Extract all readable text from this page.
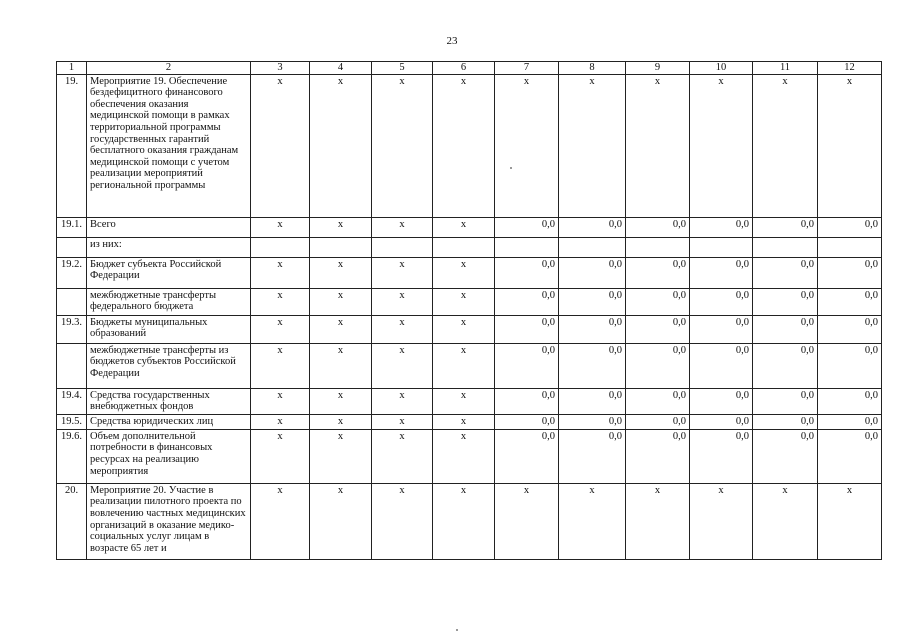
23
1	2	3	4	5	6	7	8	9	10	11	12
19.	Мероприятие 19. Обеспечение бездефицитного финансового обеспечения оказания медицинской помощи в рамках территориальной программы государственных гарантий бесплатного оказания гражданам медицинской помощи с учетом реализации мероприятий региональной программы	x	x	x	x	x	x	x	x	x	x
19.1.	Всего	x	x	x	x	0,0	0,0	0,0	0,0	0,0	0,0
	из них:										
19.2.	Бюджет субъекта Российской Федерации	x	x	x	x	0,0	0,0	0,0	0,0	0,0	0,0
	межбюджетные трансферты федерального бюджета	x	x	x	x	0,0	0,0	0,0	0,0	0,0	0,0
19.3.	Бюджеты муниципальных образований	x	x	x	x	0,0	0,0	0,0	0,0	0,0	0,0
	межбюджетные трансферты из бюджетов субъектов Российской Федерации	x	x	x	x	0,0	0,0	0,0	0,0	0,0	0,0
19.4.	Средства государственных внебюджетных фондов	x	x	x	x	0,0	0,0	0,0	0,0	0,0	0,0
19.5.	Средства юридических лиц	x	x	x	x	0,0	0,0	0,0	0,0	0,0	0,0
19.6.	Объем дополнительной потребности в финансовых ресурсах на реализацию мероприятия	x	x	x	x	0,0	0,0	0,0	0,0	0,0	0,0
20.	Мероприятие 20. Участие в реализации пилотного проекта по вовлечению частных медицинских организаций в оказание медико-социальных услуг лицам в возрасте 65 лет и	x	x	x	x	x	x	x	x	x	x
